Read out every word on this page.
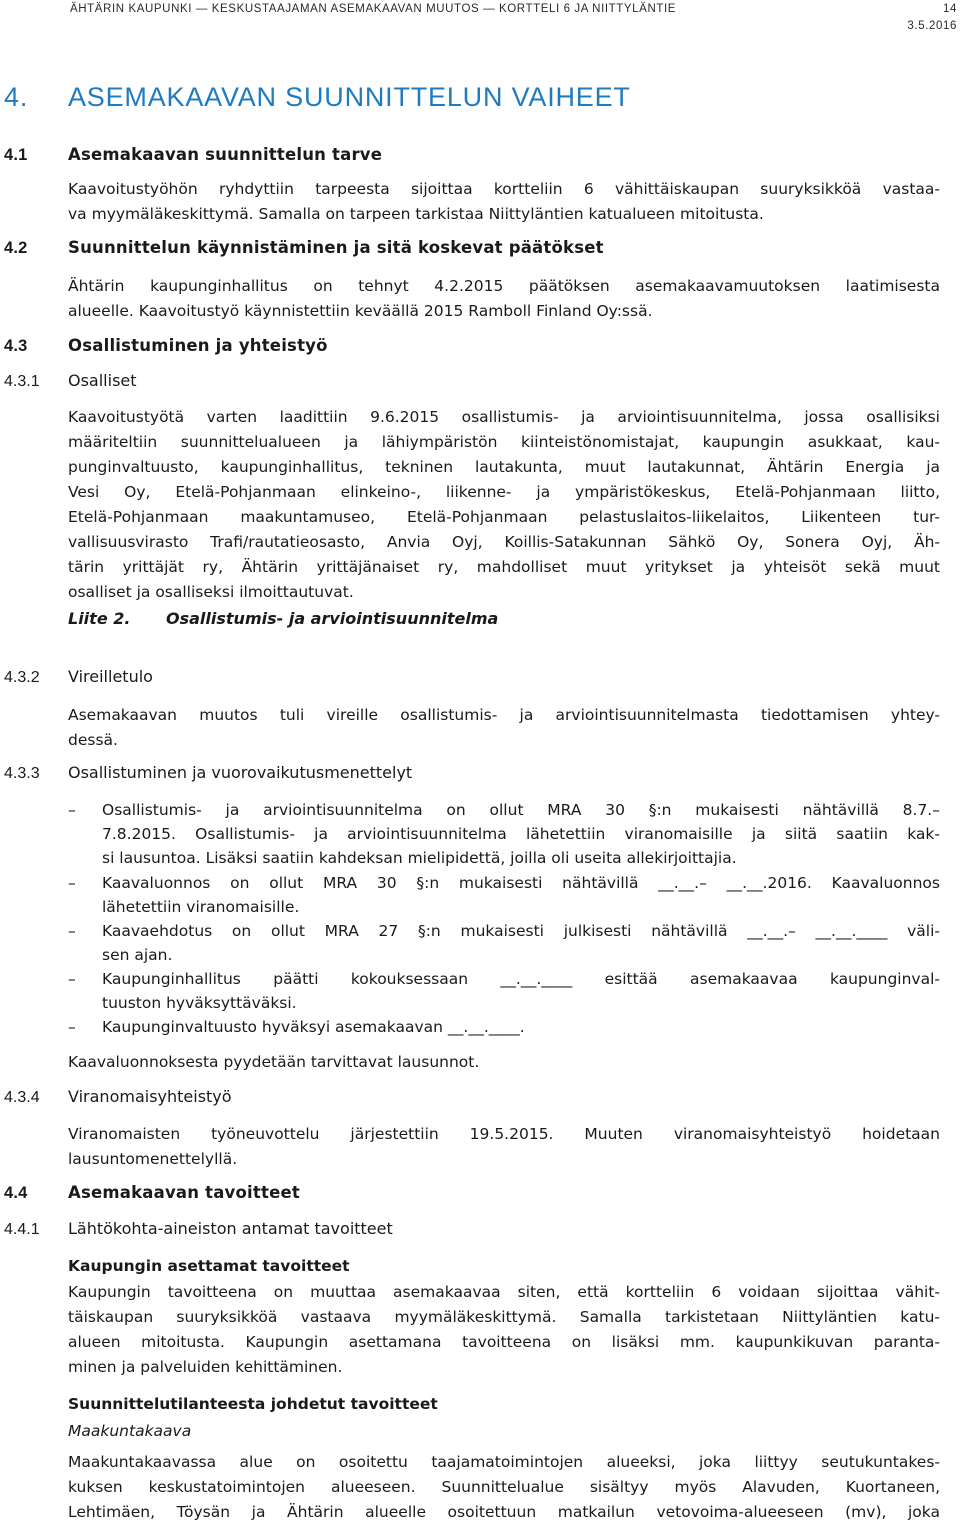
ÄHTÄRIN KAUPUNKI — KESKUSTAAJAMAN ASEMAKAAVAN MUUTOS — KORTTELI 6 JA NIITTYLÄNTIE	14
3.5.2016
4. ASEMAKAAVAN SUUNNITTELUN VAIHEET
4.1 Asemakaavan suunnittelun tarve
Kaavoitustyöhön ryhdyttiin tarpeesta sijoittaa kortteliin 6 vähittäiskaupan suuryksikköä vastaa-
va myymäläkeskittymä. Samalla on tarpeen tarkistaa Niittyläntien katualueen mitoitusta.
4.2 Suunnittelun käynnistäminen ja sitä koskevat päätökset
Ähtärin kaupunginhallitus on tehnyt 4.2.2015 päätöksen asemakaavamuutoksen laatimisesta
alueelle. Kaavoitustyö käynnistettiin keväällä 2015 Ramboll Finland Oy:ssä.
4.3 Osallistuminen ja yhteistyö
4.3.1 Osalliset
Kaavoitustyötä varten laadittiin 9.6.2015 osallistumis- ja arviointisuunnitelma, jossa osallisiksi
määriteltiin suunnittelualueen ja lähiympäristön kiinteistönomistajat, kaupungin asukkaat, kau-
punginvaltuusto, kaupunginhallitus, tekninen lautakunta, muut lautakunnat, Ähtärin Energia ja
Vesi Oy, Etelä-Pohjanmaan elinkeino-, liikenne- ja ympäristökeskus, Etelä-Pohjanmaan liitto,
Etelä-Pohjanmaan maakuntamuseo, Etelä-Pohjanmaan pelastuslaitos-liikelaitos, Liikenteen tur-
vallisuusvirasto Trafi/rautatieosasto, Anvia Oyj, Koillis-Satakunnan Sähkö Oy, Sonera Oyj, Äh-
tärin yrittäjät ry, Ähtärin yrittäjänaiset ry, mahdolliset muut yritykset ja yhteisöt sekä muut
osalliset ja osalliseksi ilmoittautuvat.
Liite 2. Osallistumis- ja arviointisuunnitelma
4.3.2 Vireilletulo
Asemakaavan muutos tuli vireille osallistumis- ja arviointisuunnitelmasta tiedottamisen yhtey-
dessä.
4.3.3 Osallistuminen ja vuorovaikutusmenettelyt
– Osallistumis- ja arviointisuunnitelma on ollut MRA 30 §:n mukaisesti nähtävillä 8.7.–
7.8.2015. Osallistumis- ja arviointisuunnitelma lähetettiin viranomaisille ja siitä saatiin kak-
si lausuntoa. Lisäksi saatiin kahdeksan mielipidettä, joilla oli useita allekirjoittajia.
– Kaavaluonnos on ollut MRA 30 §:n mukaisesti nähtävillä __.__.– __.__.2016. Kaavaluonnos
lähetettiin viranomaisille.
– Kaavaehdotus on ollut MRA 27 §:n mukaisesti julkisesti nähtävillä __.__.– __.__.____ väli-
sen ajan.
– Kaupunginhallitus päätti kokouksessaan __.__.____ esittää asemakaavaa kaupunginval-
tuuston hyväksyttäväksi.
– Kaupunginvaltuusto hyväksyi asemakaavan __.__.____.
Kaavaluonnoksesta pyydetään tarvittavat lausunnot.
4.3.4 Viranomaisyhteistyö
Viranomaisten työneuvottelu järjestettiin 19.5.2015. Muuten viranomaisyhteistyö hoidetaan
lausuntomenettelyllä.
4.4 Asemakaavan tavoitteet
4.4.1 Lähtökohta-aineiston antamat tavoitteet
Kaupungin asettamat tavoitteet
Kaupungin tavoitteena on muuttaa asemakaavaa siten, että kortteliin 6 voidaan sijoittaa vähit-
täiskaupan suuryksikköä vastaava myymäläkeskittymä. Samalla tarkistetaan Niittyläntien katu-
alueen mitoitusta. Kaupungin asettamana tavoitteena on lisäksi mm. kaupunkikuvan paranta-
minen ja palveluiden kehittäminen.
Suunnittelutilanteesta johdetut tavoitteet
Maakuntakaava
Maakuntakaavassa alue on osoitettu taajamatoimintojen alueeksi, joka liittyy seutukuntakes-
kuksen keskustatoimintojen alueeseen. Suunnittelualue sisältyy myös Alavuden, Kuortaneen,
Lehtimäen, Töysän ja Ähtärin alueelle osoitettuun matkailun vetovoima-alueeseen (mv), joka
